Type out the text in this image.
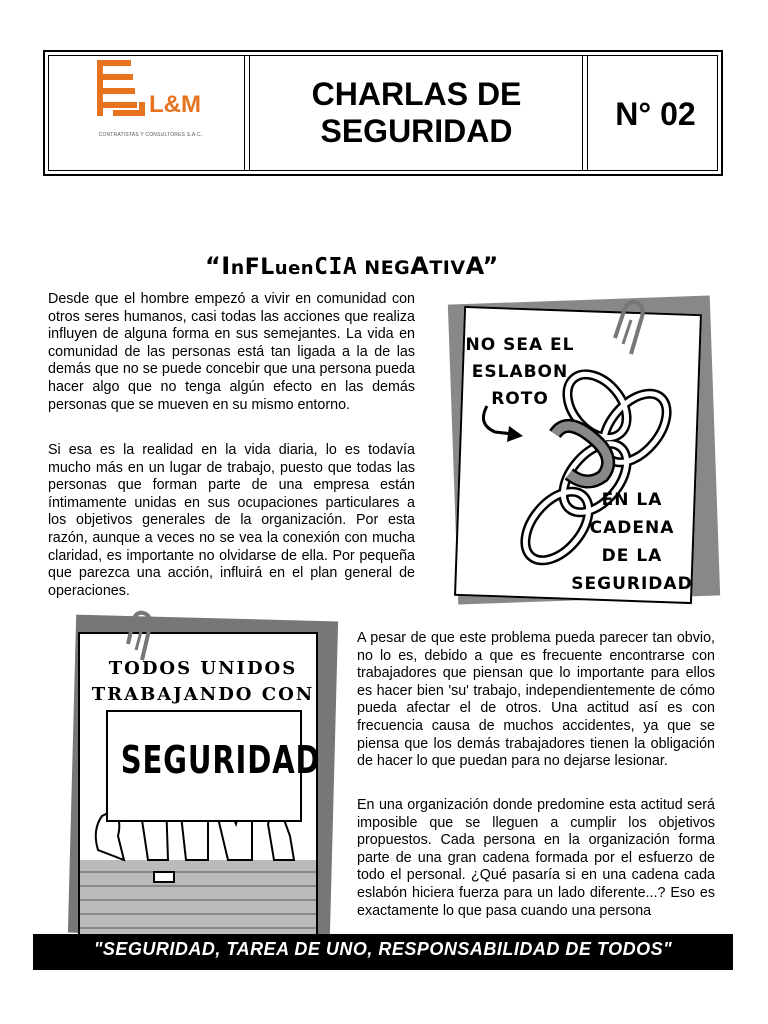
L&M
CONTRATISTAS Y CONSULTORES S.A.C.
CHARLAS DE
SEGURIDAD	N° 02
“InFLuenCIA NEGATIVA”

Desde que el hombre empezó a vivir en comunidad con otros seres humanos, casi todas las acciones que realiza influyen de alguna forma en sus semejantes. La vida en comunidad de las personas está tan ligada a la de las demás que no se puede concebir que una persona pueda hacer algo que no tenga algún efecto en las demás personas que se mueven en su mismo entorno.

Si esa es la realidad en la vida diaria, lo es todavía mucho más en un lugar de trabajo, puesto que todas las personas que forman parte de una empresa están íntimamente unidas en sus ocupaciones particulares a los objetivos generales de la organización. Por esta razón, aunque a veces no se vea la conexión con mucha claridad, es importante no olvidarse de ella. Por pequeña que parezca una acción, influirá en el plan general de operaciones.

A pesar de que este problema pueda parecer tan obvio, no lo es, debido a que es frecuente encontrarse con trabajadores que piensan que lo importante para ellos es hacer bien 'su' trabajo, independientemente de cómo pueda afectar el de otros. Una actitud así es con frecuencia causa de muchos accidentes, ya que se piensa que los demás trabajadores tienen la obligación de hacer lo que puedan para no dejarse lesionar.

En una organización donde predomine esta actitud será imposible que se lleguen a cumplir los objetivos propuestos. Cada persona en la organización forma parte de una gran cadena formada por el esfuerzo de todo el personal. ¿Qué pasaría si en una cadena cada eslabón hiciera fuerza para un lado diferente...? Eso es exactamente lo que pasa cuando una persona

NO SEA EL
ESLABON
ROTO
EN LA
CADENA
DE LA
SEGURIDAD
TODOS UNIDOS
TRABAJANDO CON
SEGURIDAD
"SEGURIDAD, TAREA DE UNO, RESPONSABILIDAD DE TODOS"
